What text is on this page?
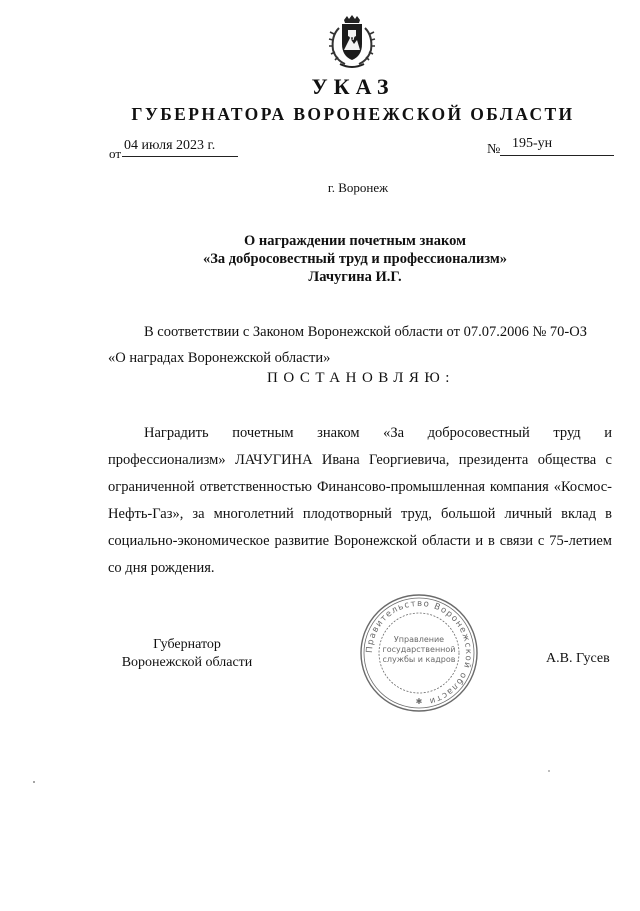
УКАЗ
ГУБЕРНАТОРА ВОРОНЕЖСКОЙ ОБЛАСТИ
от
04 июля 2023 г.	№ 195-ун
г. Воронеж
О награждении почетным знаком
«За добросовестный труд и профессионализм»
Лачугина И.Г.
В соответствии с Законом Воронежской области от 07.07.2006 № 70-ОЗ
«О наградах Воронежской области»
ПОСТАНОВЛЯЮ:

Наградить почетным знаком «За добросовестный труд и профессионализм» ЛАЧУГИНА Ивана Георгиевича, президента общества с ограниченной ответственностью Финансово-промышленная компания «Космос-Нефть-Газ», за многолетний плодотворный труд, большой личный вклад в социально-экономическое развитие Воронежской области и в связи с 75-летием со дня рождения.

Губернатор
Воронежской области
Правительство Воронежской области
Управление
государственной
службы и кадров
✱
А.В. Гусев
